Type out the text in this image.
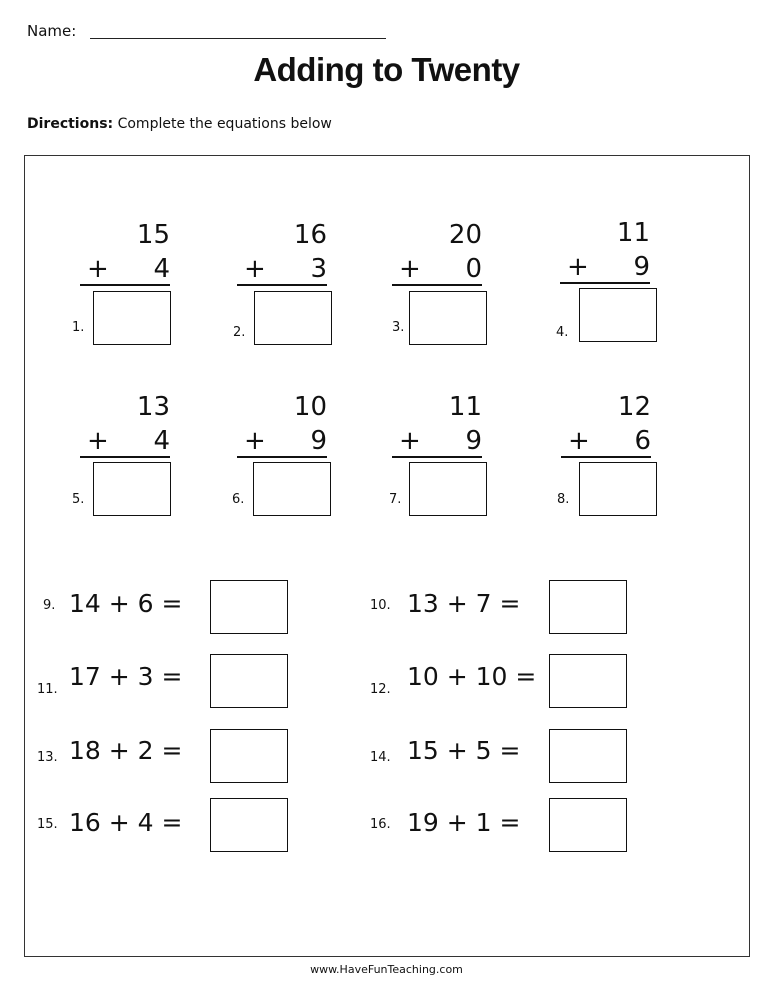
Name:
Adding to Twenty
Directions: Complete the equations below
1.
15
+ 4
2.
16
+ 3
3.
20
+ 0
4.
11
+ 9
5.
13
+ 4
6.
10
+ 9
7.
11
+ 9
8.
12
+ 6
9. 14 + 6 =
11. 17 + 3 =
13. 18 + 2 =
15. 16 + 4 =
10. 13 + 7 =
12. 10 + 10 =
14. 15 + 5 =
16. 19 + 1 =
www.HaveFunTeaching.com
